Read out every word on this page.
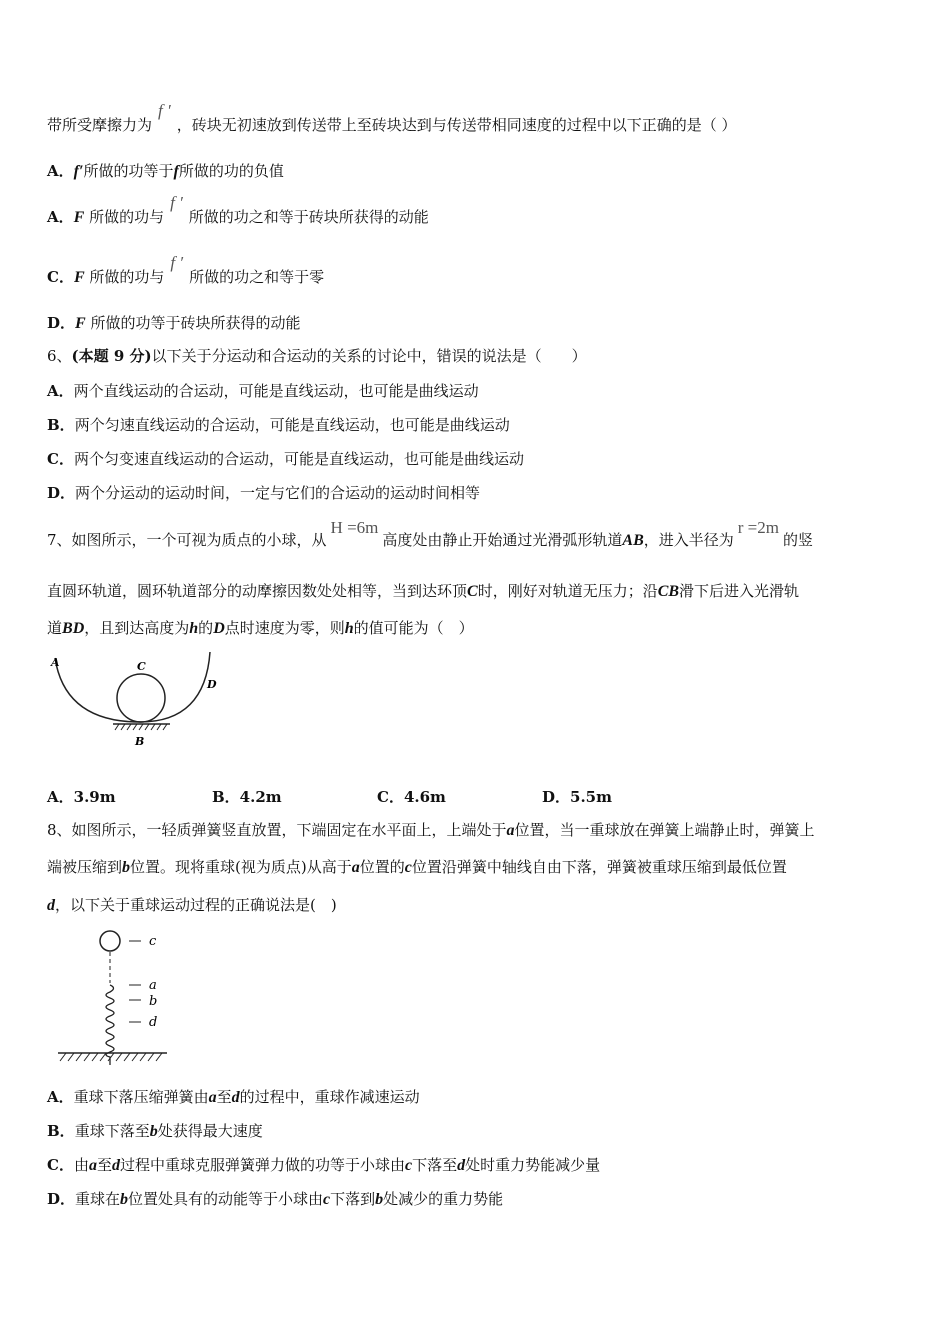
带所受摩擦力为f ′，砖块无初速放到传送带上至砖块达到与传送带相同速度的过程中以下正确的是（ ）
A．f′所做的功等于f所做的功的负值
A．F 所做的功与f ′所做的功之和等于砖块所获得的动能
C．F 所做的功与f ′所做的功之和等于零
D．F 所做的功等于砖块所获得的动能
6、(本题 9 分)以下关于分运动和合运动的关系的讨论中，错误的说法是（　　）
A．两个直线运动的合运动，可能是直线运动，也可能是曲线运动
B．两个匀速直线运动的合运动，可能是直线运动，也可能是曲线运动
C．两个匀变速直线运动的合运动，可能是直线运动，也可能是曲线运动
D．两个分运动的运动时间，一定与它们的合运动的运动时间相等
7、如图所示，一个可视为质点的小球，从H =6m高度处由静止开始通过光滑弧形轨道AB，进入半径为r =2m的竖
直圆环轨道，圆环轨道部分的动摩擦因数处处相等，当到达环顶C时，刚好对轨道无压力；沿CB滑下后进入光滑轨
道BD，且到达高度为h的D点时速度为零，则h的值可能为（　）
8、如图所示，一轻质弹簧竖直放置，下端固定在水平面上，上端处于a位置，当一重球放在弹簧上端静止时，弹簧上
端被压缩到b位置。现将重球(视为质点)从高于a位置的c位置沿弹簧中轴线自由下落，弹簧被重球压缩到最低位置
d，以下关于重球运动过程的正确说法是(　)
A．重球下落压缩弹簧由a至d的过程中，重球作减速运动
B．重球下落至b处获得最大速度
C．由a至d过程中重球克服弹簧弹力做的功等于小球由c下落至d处时重力势能减少量
D．重球在b位置处具有的动能等于小球由c下落到b处减少的重力势能
A．3.9m	B．4.2m	C．4.6m	D．5.5m
A	C
D
B
c
a
b
d
